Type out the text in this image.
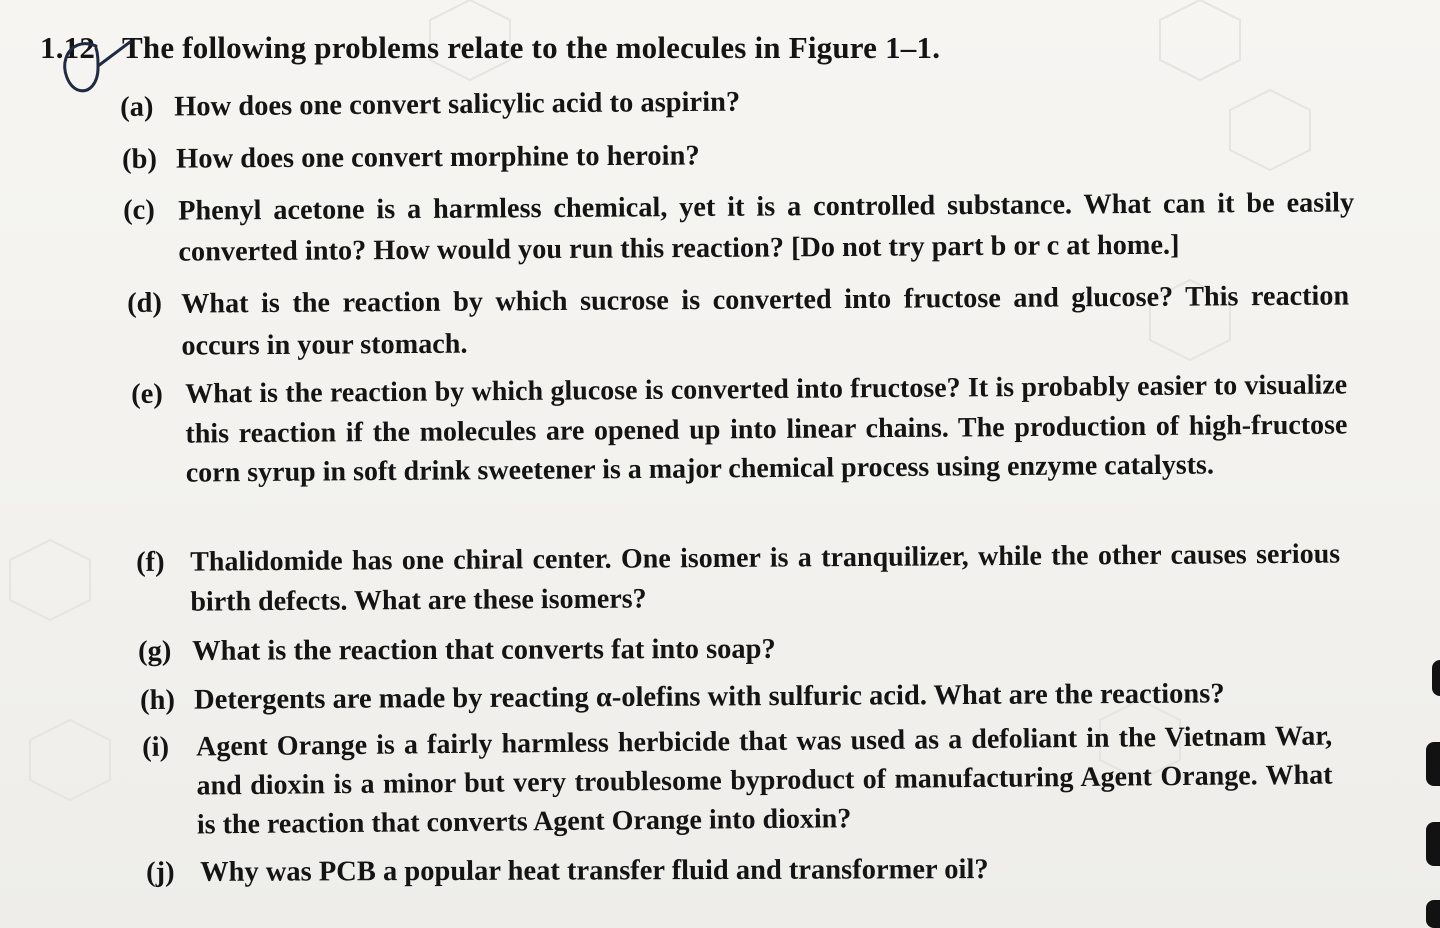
1.12 The following problems relate to the molecules in Figure 1–1.
(a) How does one convert salicylic acid to aspirin?
(b) How does one convert morphine to heroin?
(c) Phenyl acetone is a harmless chemical, yet it is a controlled substance. What can it be easily converted into? How would you run this reaction? [Do not try part b or c at home.]
(d) What is the reaction by which sucrose is converted into fructose and glucose? This reaction occurs in your stomach.
(e) What is the reaction by which glucose is converted into fructose? It is probably easier to visualize this reaction if the molecules are opened up into linear chains. The production of high-fructose corn syrup in soft drink sweetener is a major chemical process using enzyme catalysts.
(f) Thalidomide has one chiral center. One isomer is a tranquilizer, while the other causes serious birth defects. What are these isomers?
(g) What is the reaction that converts fat into soap?
(h) Detergents are made by reacting α-olefins with sulfuric acid. What are the reactions?
(i) Agent Orange is a fairly harmless herbicide that was used as a defoliant in the Vietnam War, and dioxin is a minor but very troublesome byproduct of manufacturing Agent Orange. What is the reaction that converts Agent Orange into dioxin?
(j) Why was PCB a popular heat transfer fluid and transformer oil?
